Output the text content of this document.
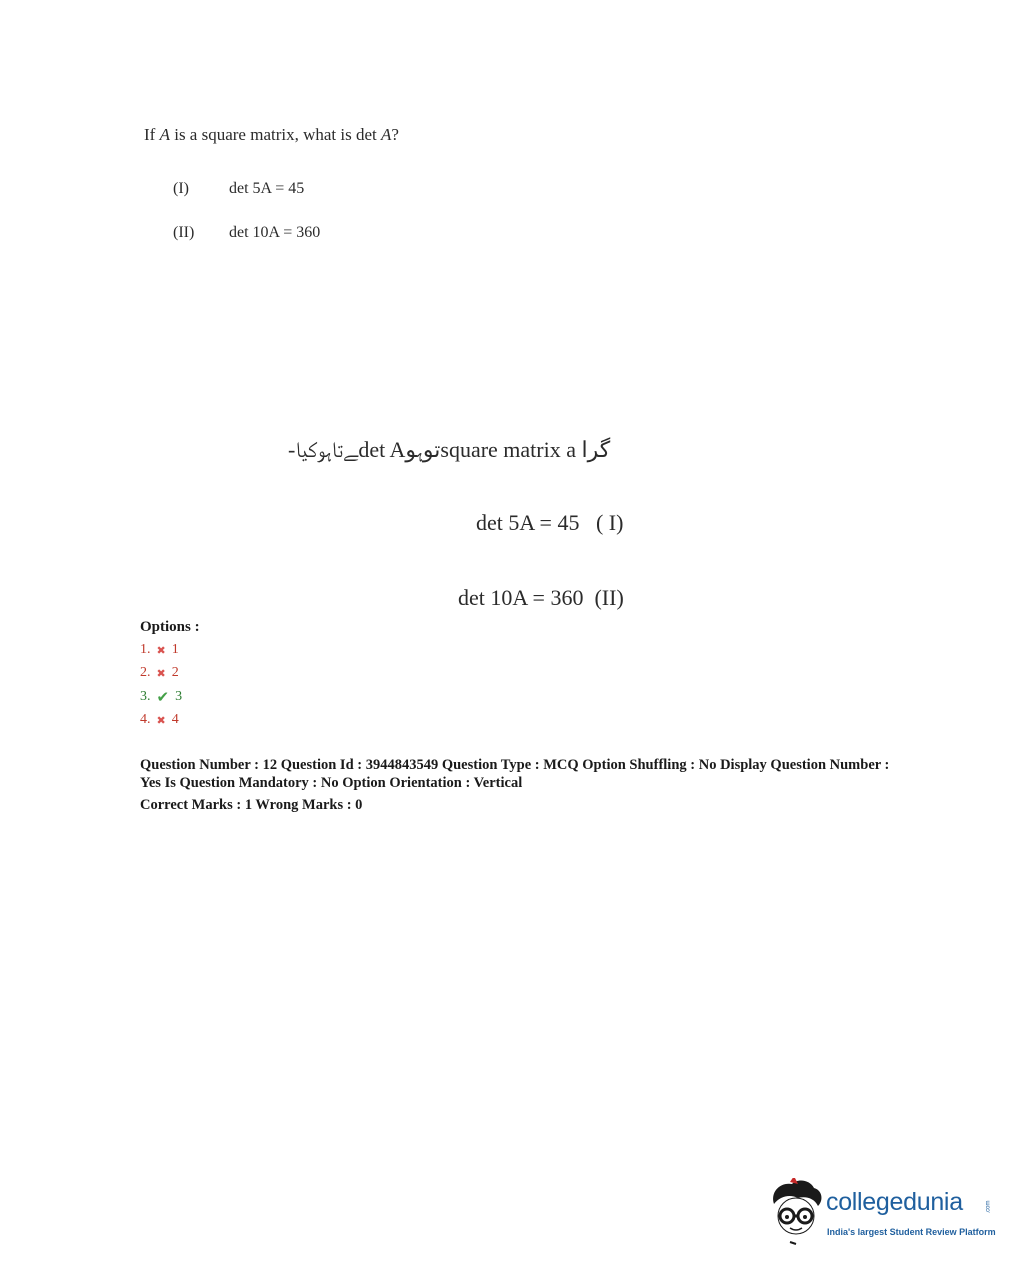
If A is a square matrix, what is det A?
(I)	det 5A = 45
(II) det 10A = 360
-ﮯﺗﺎﮨﻮﮐﯿﺎdet Aﺗﻮﮨﻮsquare matrix a ﮔﺮا
det 5A = 45 ( I)
det 10A = 360 (II)
Options :
1. ✖ 1
2. ✖ 2
3. ✔ 3
4. ✖ 4
Question Number : 12 Question Id : 3944843549 Question Type : MCQ Option Shuffling : No Display Question Number : Yes Is Question Mandatory : No Option Orientation : Vertical
Correct Marks : 1 Wrong Marks : 0
collegedunia	.com
India's largest Student Review Platform
